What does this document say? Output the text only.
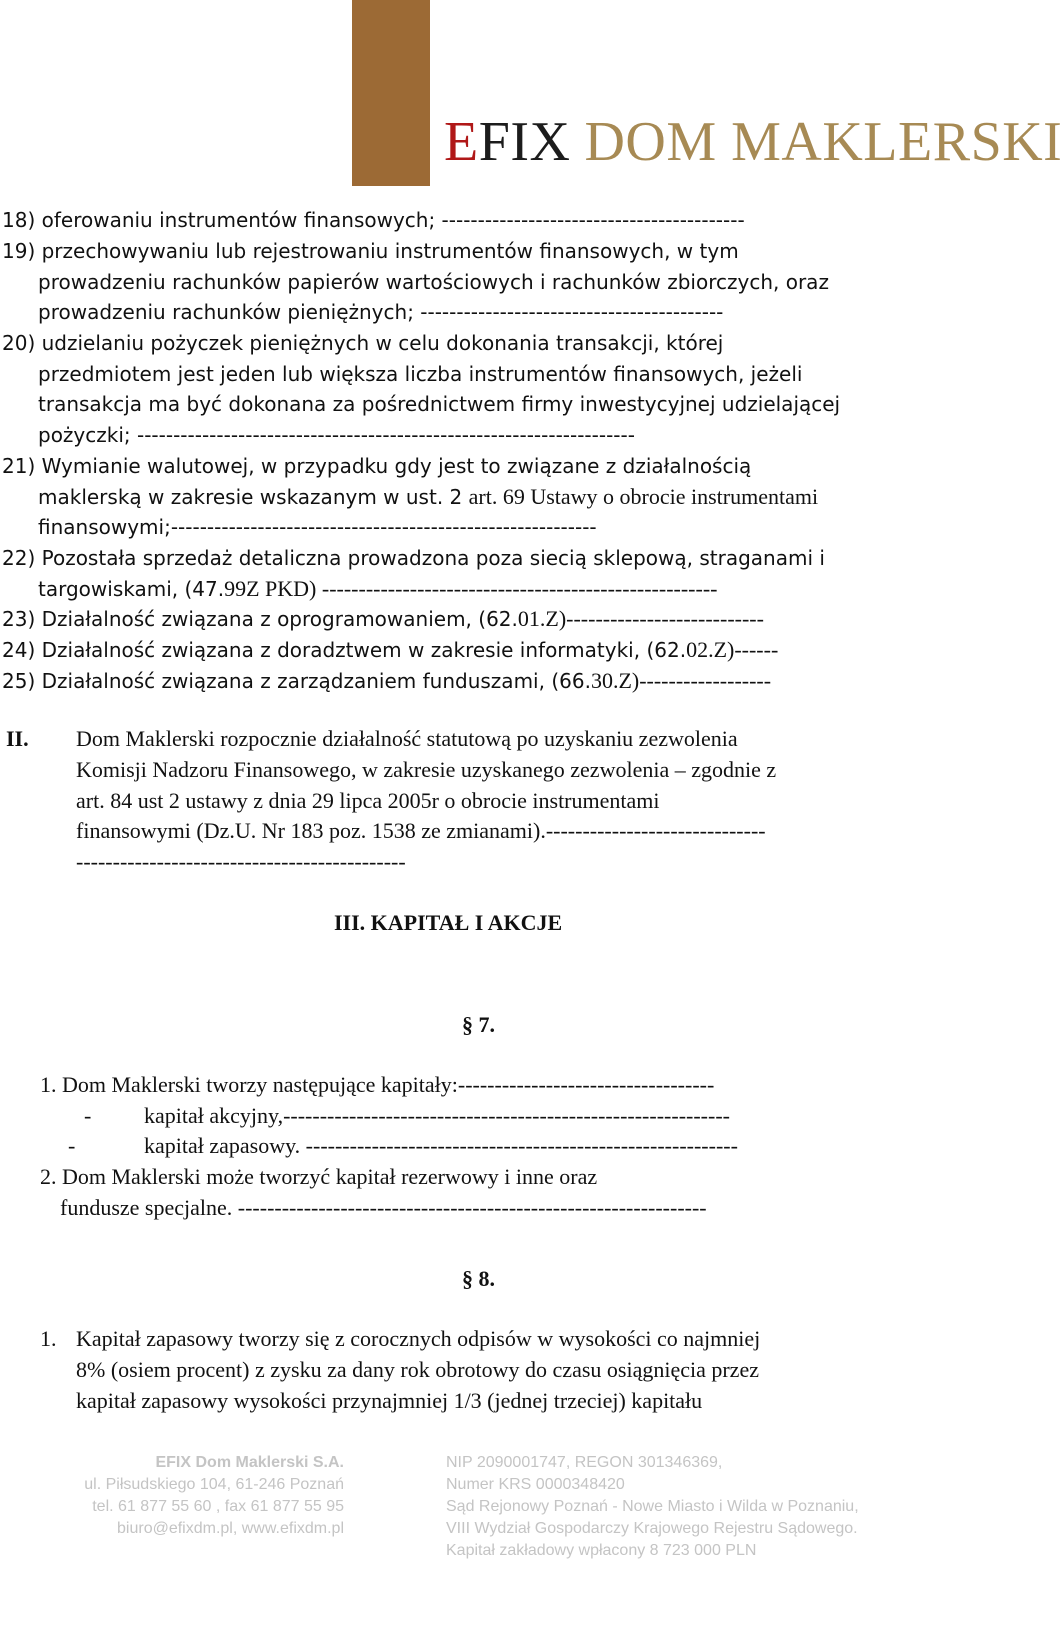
EFIX DOM MAKLERSKI
18) oferowaniu instrumentów finansowych; ------------------------------------------
19) przechowywaniu lub rejestrowaniu instrumentów finansowych, w tym
prowadzeniu rachunków papierów wartościowych i rachunków zbiorczych, oraz
prowadzeniu rachunków pieniężnych; ------------------------------------------
20) udzielaniu pożyczek pieniężnych w celu dokonania transakcji, której
przedmiotem jest jeden lub większa liczba instrumentów finansowych, jeżeli
transakcja ma być dokonana za pośrednictwem firmy inwestycyjnej udzielającej
pożyczki; ---------------------------------------------------------------------
21) Wymianie walutowej, w przypadku gdy jest to związane z działalnością
maklerską w zakresie wskazanym w ust. 2 art. 69 Ustawy o obrocie instrumentami
finansowymi;-----------------------------------------------------------
22) Pozostała sprzedaż detaliczna prowadzona poza siecią sklepową, straganami i
targowiskami, (47.99Z PKD) ------------------------------------------------------
23) Działalność związana z oprogramowaniem, (62.01.Z)---------------------------
24) Działalność związana z doradztwem w zakresie informatyki, (62.02.Z)------
25) Działalność związana z zarządzaniem funduszami, (66.30.Z)------------------
II. Dom Maklerski rozpocznie działalność statutową po uzyskaniu zezwolenia
Komisji Nadzoru Finansowego, w zakresie uzyskanego zezwolenia – zgodnie z
art. 84 ust 2 ustawy z dnia 29 lipca 2005r o obrocie instrumentami
finansowymi (Dz.U. Nr 183 poz. 1538 ze zmianami).------------------------------
---------------------------------------------
III. KAPITAŁ I AKCJE
§ 7.
1. Dom Maklerski tworzy następujące kapitały:-----------------------------------
- kapitał akcyjny,-------------------------------------------------------------
-	kapitał zapasowy. -----------------------------------------------------------
2. Dom Maklerski może tworzyć kapitał rezerwowy i inne oraz
fundusze specjalne. ----------------------------------------------------------------
§ 8.
1. Kapitał zapasowy tworzy się z corocznych odpisów w wysokości co najmniej
8% (osiem procent) z zysku za dany rok obrotowy do czasu osiągnięcia przez
kapitał zapasowy wysokości przynajmniej 1/3 (jednej trzeciej) kapitału
EFIX Dom Maklerski S.A.
ul. Piłsudskiego 104, 61-246 Poznań
tel. 61 877 55 60 , fax 61 877 55 95
biuro@efixdm.pl, www.efixdm.pl
NIP 2090001747, REGON 301346369,
Numer KRS 0000348420
Sąd Rejonowy Poznań - Nowe Miasto i Wilda w Poznaniu,
VIII Wydział Gospodarczy Krajowego Rejestru Sądowego.
Kapitał zakładowy wpłacony 8 723 000 PLN
